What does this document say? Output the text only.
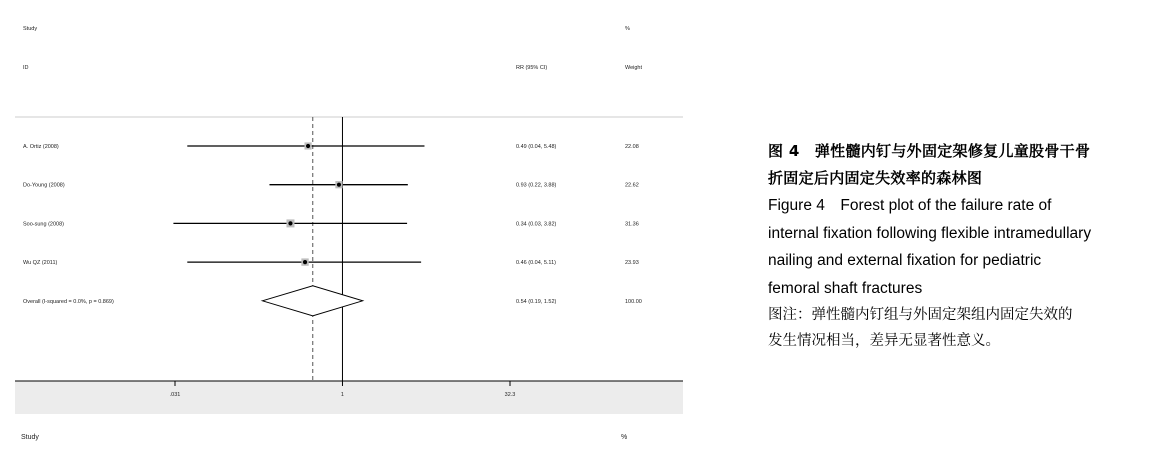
Study	%
ID	RR (95% CI)	Weight
A. Ortiz (2008)	0.49 (0.04, 5.48)	22.08
Do-Young (2008)	0.93 (0.22, 3.88)	22.62
Soo-sung (2008)	0.34 (0.03, 3.82)	31.36
Wu QZ (2011)	0.46 (0.04, 5.11)	23.93
Overall (I-squared = 0.0%, p = 0.869)	0.54 (0.19, 1.52)	100.00
.031	1	32.3
Study	%
图 4　弹性髓内钉与外固定架修复儿童股骨干骨
折固定后内固定失效率的森林图
Figure 4　Forest plot of the failure rate of
internal fixation following flexible intramedullary
nailing and external fixation for pediatric
femoral shaft fractures
图注：弹性髓内钉组与外固定架组内固定失效的
发生情况相当，差异无显著性意义。
